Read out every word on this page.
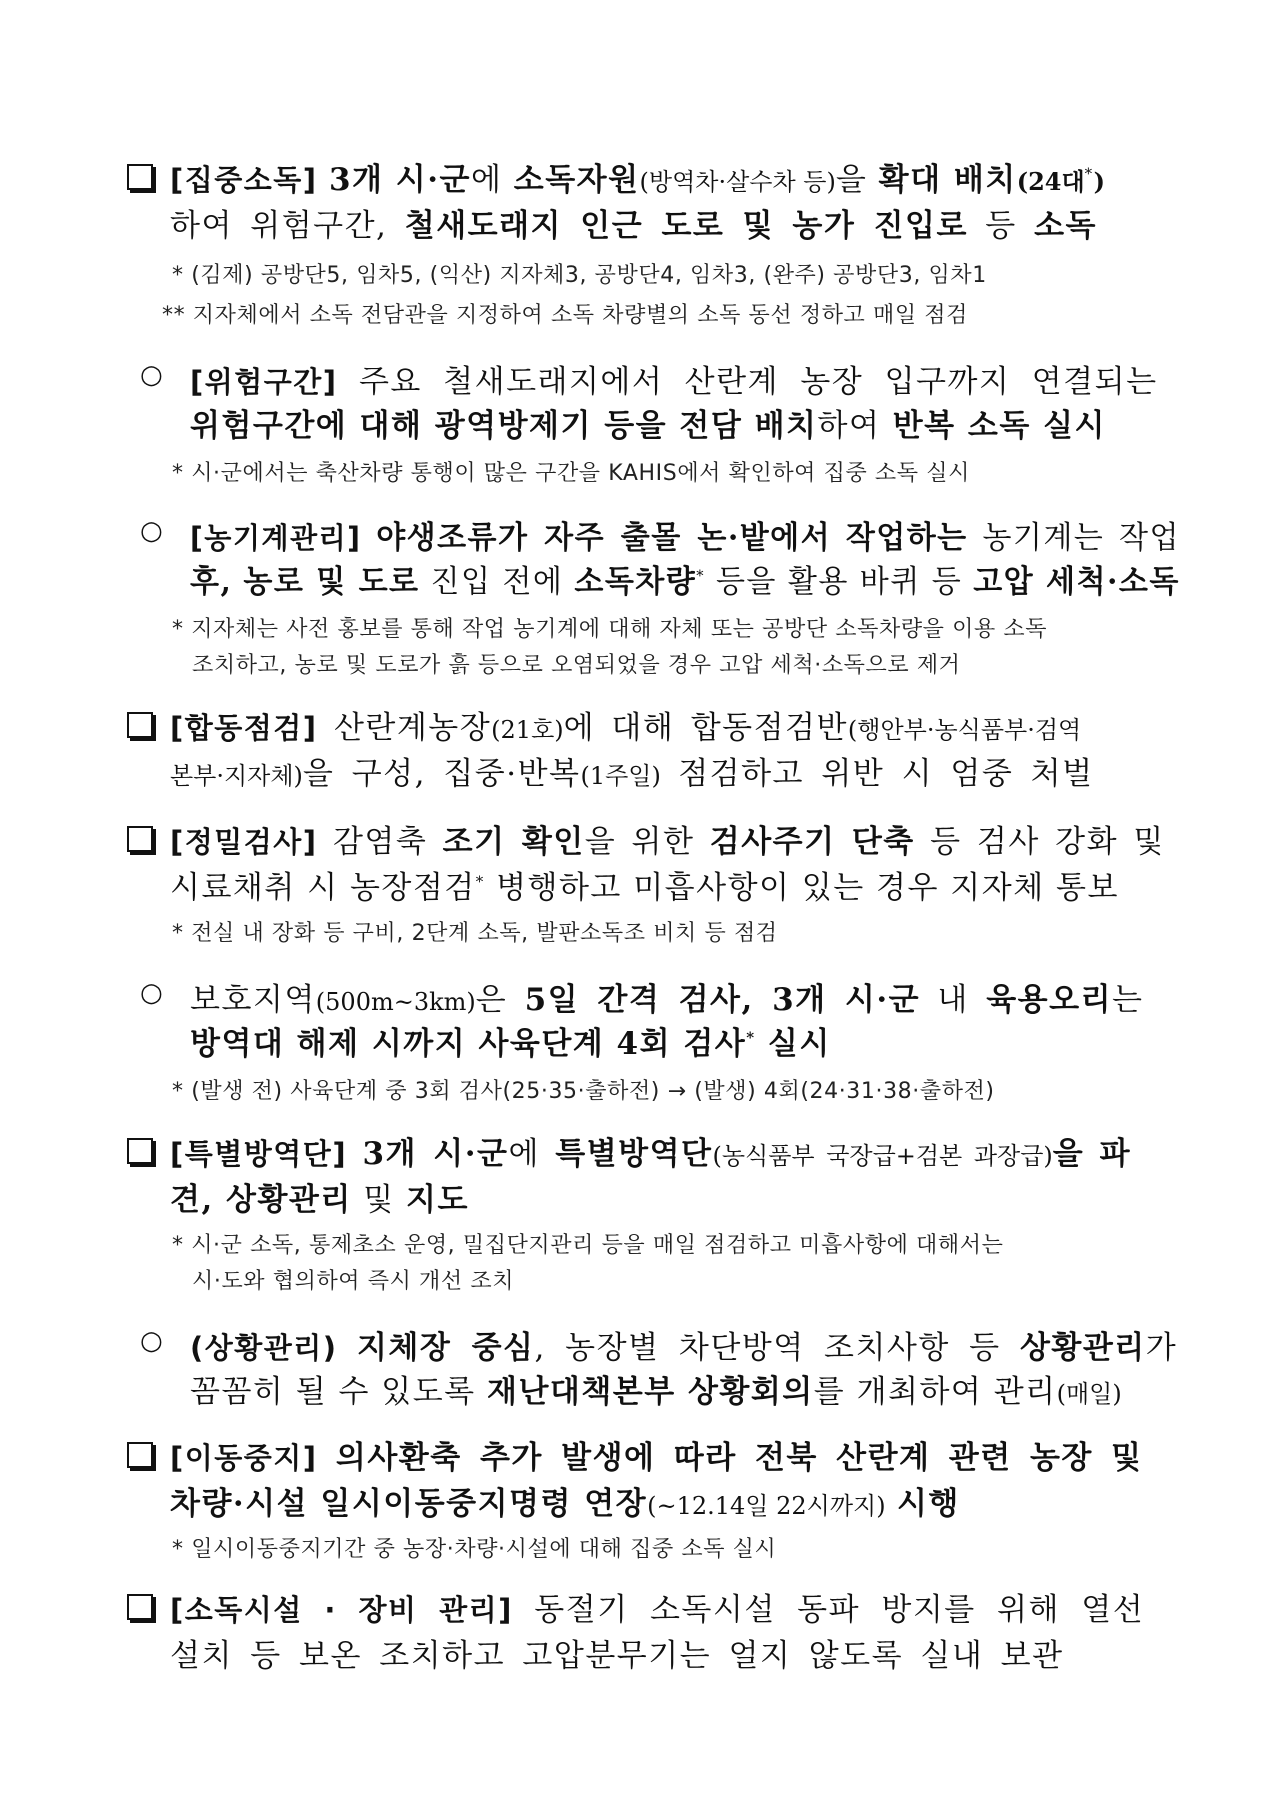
[집중소독] 3개 시·군에 소독자원(방역차·살수차 등)을 확대 배치(24대*)
하여 위험구간, 철새도래지 인근 도로 및 농가 진입로 등 소독
* (김제) 공방단5, 임차5, (익산) 지자체3, 공방단4, 임차3, (완주) 공방단3, 임차1
** 지자체에서 소독 전담관을 지정하여 소독 차량별의 소독 동선 정하고 매일 점검
○ [위험구간] 주요 철새도래지에서 산란계 농장 입구까지 연결되는
위험구간에 대해 광역방제기 등을 전담 배치하여 반복 소독 실시
* 시·군에서는 축산차량 통행이 많은 구간을 KAHIS에서 확인하여 집중 소독 실시
○ [농기계관리] 야생조류가 자주 출몰 논·밭에서 작업하는 농기계는 작업
후, 농로 및 도로 진입 전에 소독차량* 등을 활용 바퀴 등 고압 세척·소독
* 지자체는 사전 홍보를 통해 작업 농기계에 대해 자체 또는 공방단 소독차량을 이용 소독
조치하고, 농로 및 도로가 흙 등으로 오염되었을 경우 고압 세척·소독으로 제거
[합동점검] 산란계농장(21호)에 대해 합동점검반(행안부·농식품부·검역
본부·지자체)을 구성, 집중·반복(1주일) 점검하고 위반 시 엄중 처벌
[정밀검사] 감염축 조기 확인을 위한 검사주기 단축 등 검사 강화 및
시료채취 시 농장점검* 병행하고 미흡사항이 있는 경우 지자체 통보
* 전실 내 장화 등 구비, 2단계 소독, 발판소독조 비치 등 점검
○ 보호지역(500m~3km)은 5일 간격 검사, 3개 시·군 내 육용오리는
방역대 해제 시까지 사육단계 4회 검사* 실시
* (발생 전) 사육단계 중 3회 검사(25·35·출하전) → (발생) 4회(24·31·38·출하전)
[특별방역단] 3개 시·군에 특별방역단(농식품부 국장급+검본 과장급)을 파
견, 상황관리 및 지도
* 시·군 소독, 통제초소 운영, 밀집단지관리 등을 매일 점검하고 미흡사항에 대해서는
시·도와 협의하여 즉시 개선 조치
○ (상황관리) 지체장 중심, 농장별 차단방역 조치사항 등 상황관리가
꼼꼼히 될 수 있도록 재난대책본부 상황회의를 개최하여 관리(매일)
[이동중지] 의사환축 추가 발생에 따라 전북 산란계 관련 농장 및
차량·시설 일시이동중지명령 연장(~12.14일 22시까지) 시행
* 일시이동중지기간 중 농장·차량·시설에 대해 집중 소독 실시
[소독시설 · 장비 관리] 동절기 소독시설 동파 방지를 위해 열선
설치 등 보온 조치하고 고압분무기는 얼지 않도록 실내 보관
